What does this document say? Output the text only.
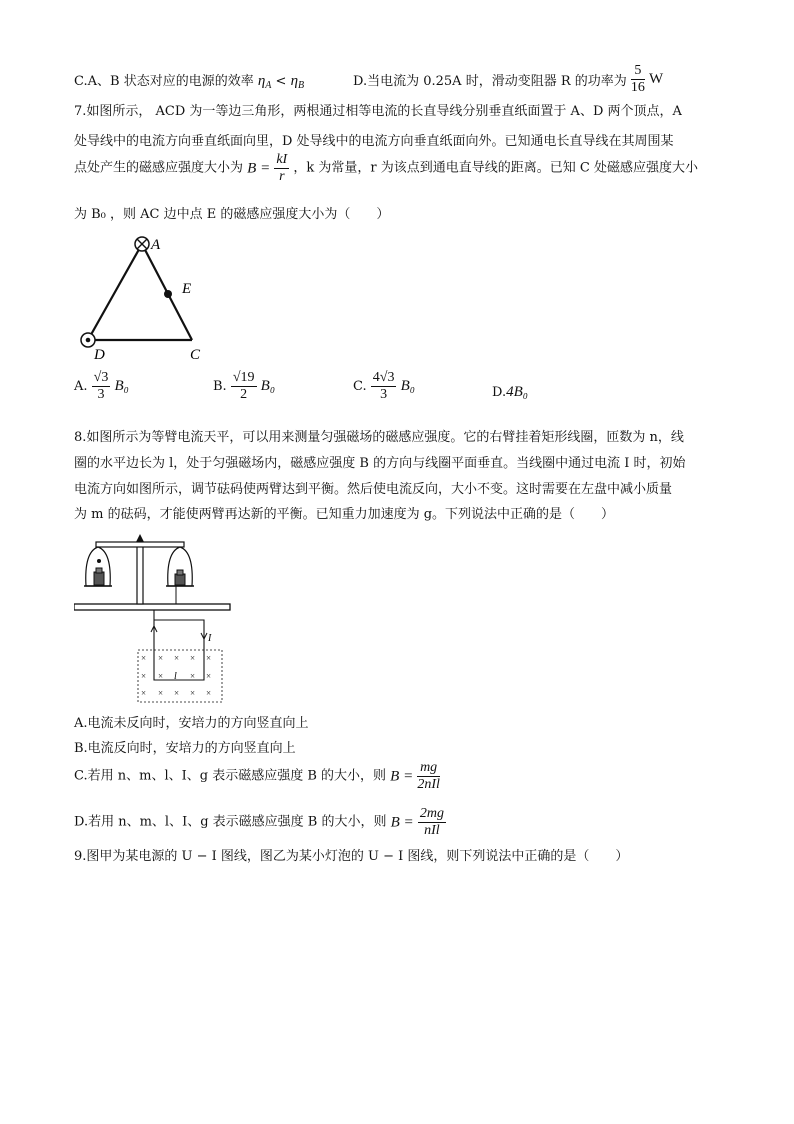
C.A、B 状态对应的电源的效率 $\eta_A < \eta_B$	D.当电流为 0.25A 时，滑动变阻器 R 的功率为 $\frac{5}{16}$ W
7.如图所示， ACD 为一等边三角形，两根通过相等电流的长直导线分别垂直纸面置于 A、D 两个顶点，A
处导线中的电流方向垂直纸面向里，D 处导线中的电流方向垂直纸面向外。已知通电长直导线在其周围某
点处产生的磁感应强度大小为 $B = \frac{kI}{r}$ ，k 为常量，r 为该点到通电直导线的距离。已知 C 处磁感应强度大小
为 B₀ ，则 AC 边中点 E 的磁感应强度大小为（　　）
A
E
D	C
A. $\frac{√3}{3} B_0$	B. $\frac{√19}{2} B_0$	C. $\frac{4√3}{3} B_0$	D.4B₀
8.如图所示为等臂电流天平，可以用来测量匀强磁场的磁感应强度。它的右臂挂着矩形线圈，匝数为 n，线
圈的水平边长为 l，处于匀强磁场内，磁感应强度 B 的方向与线圈平面垂直。当线圈中通过电流 I 时，初始
电流方向如图所示，调节砝码使两臂达到平衡。然后使电流反向，大小不变。这时需要在左盘中减小质量
为 m 的砝码，才能使两臂再达新的平衡。已知重力加速度为 g。下列说法中正确的是（　　）
I
× × × × ×
× ×	× ×
× × × × ×
l
A.电流未反向时，安培力的方向竖直向上
B.电流反向时，安培力的方向竖直向上
C.若用 n、m、l、I、g 表示磁感应强度 B 的大小，则 $B = \frac{mg}{\text{2nIl}}$
D.若用 n、m、l、I、g 表示磁感应强度 B 的大小，则 $B = \frac{2mg}{\text{nIl}}$
9.图甲为某电源的 U − I 图线，图乙为某小灯泡的 U − I 图线，则下列说法中正确的是（　　）
